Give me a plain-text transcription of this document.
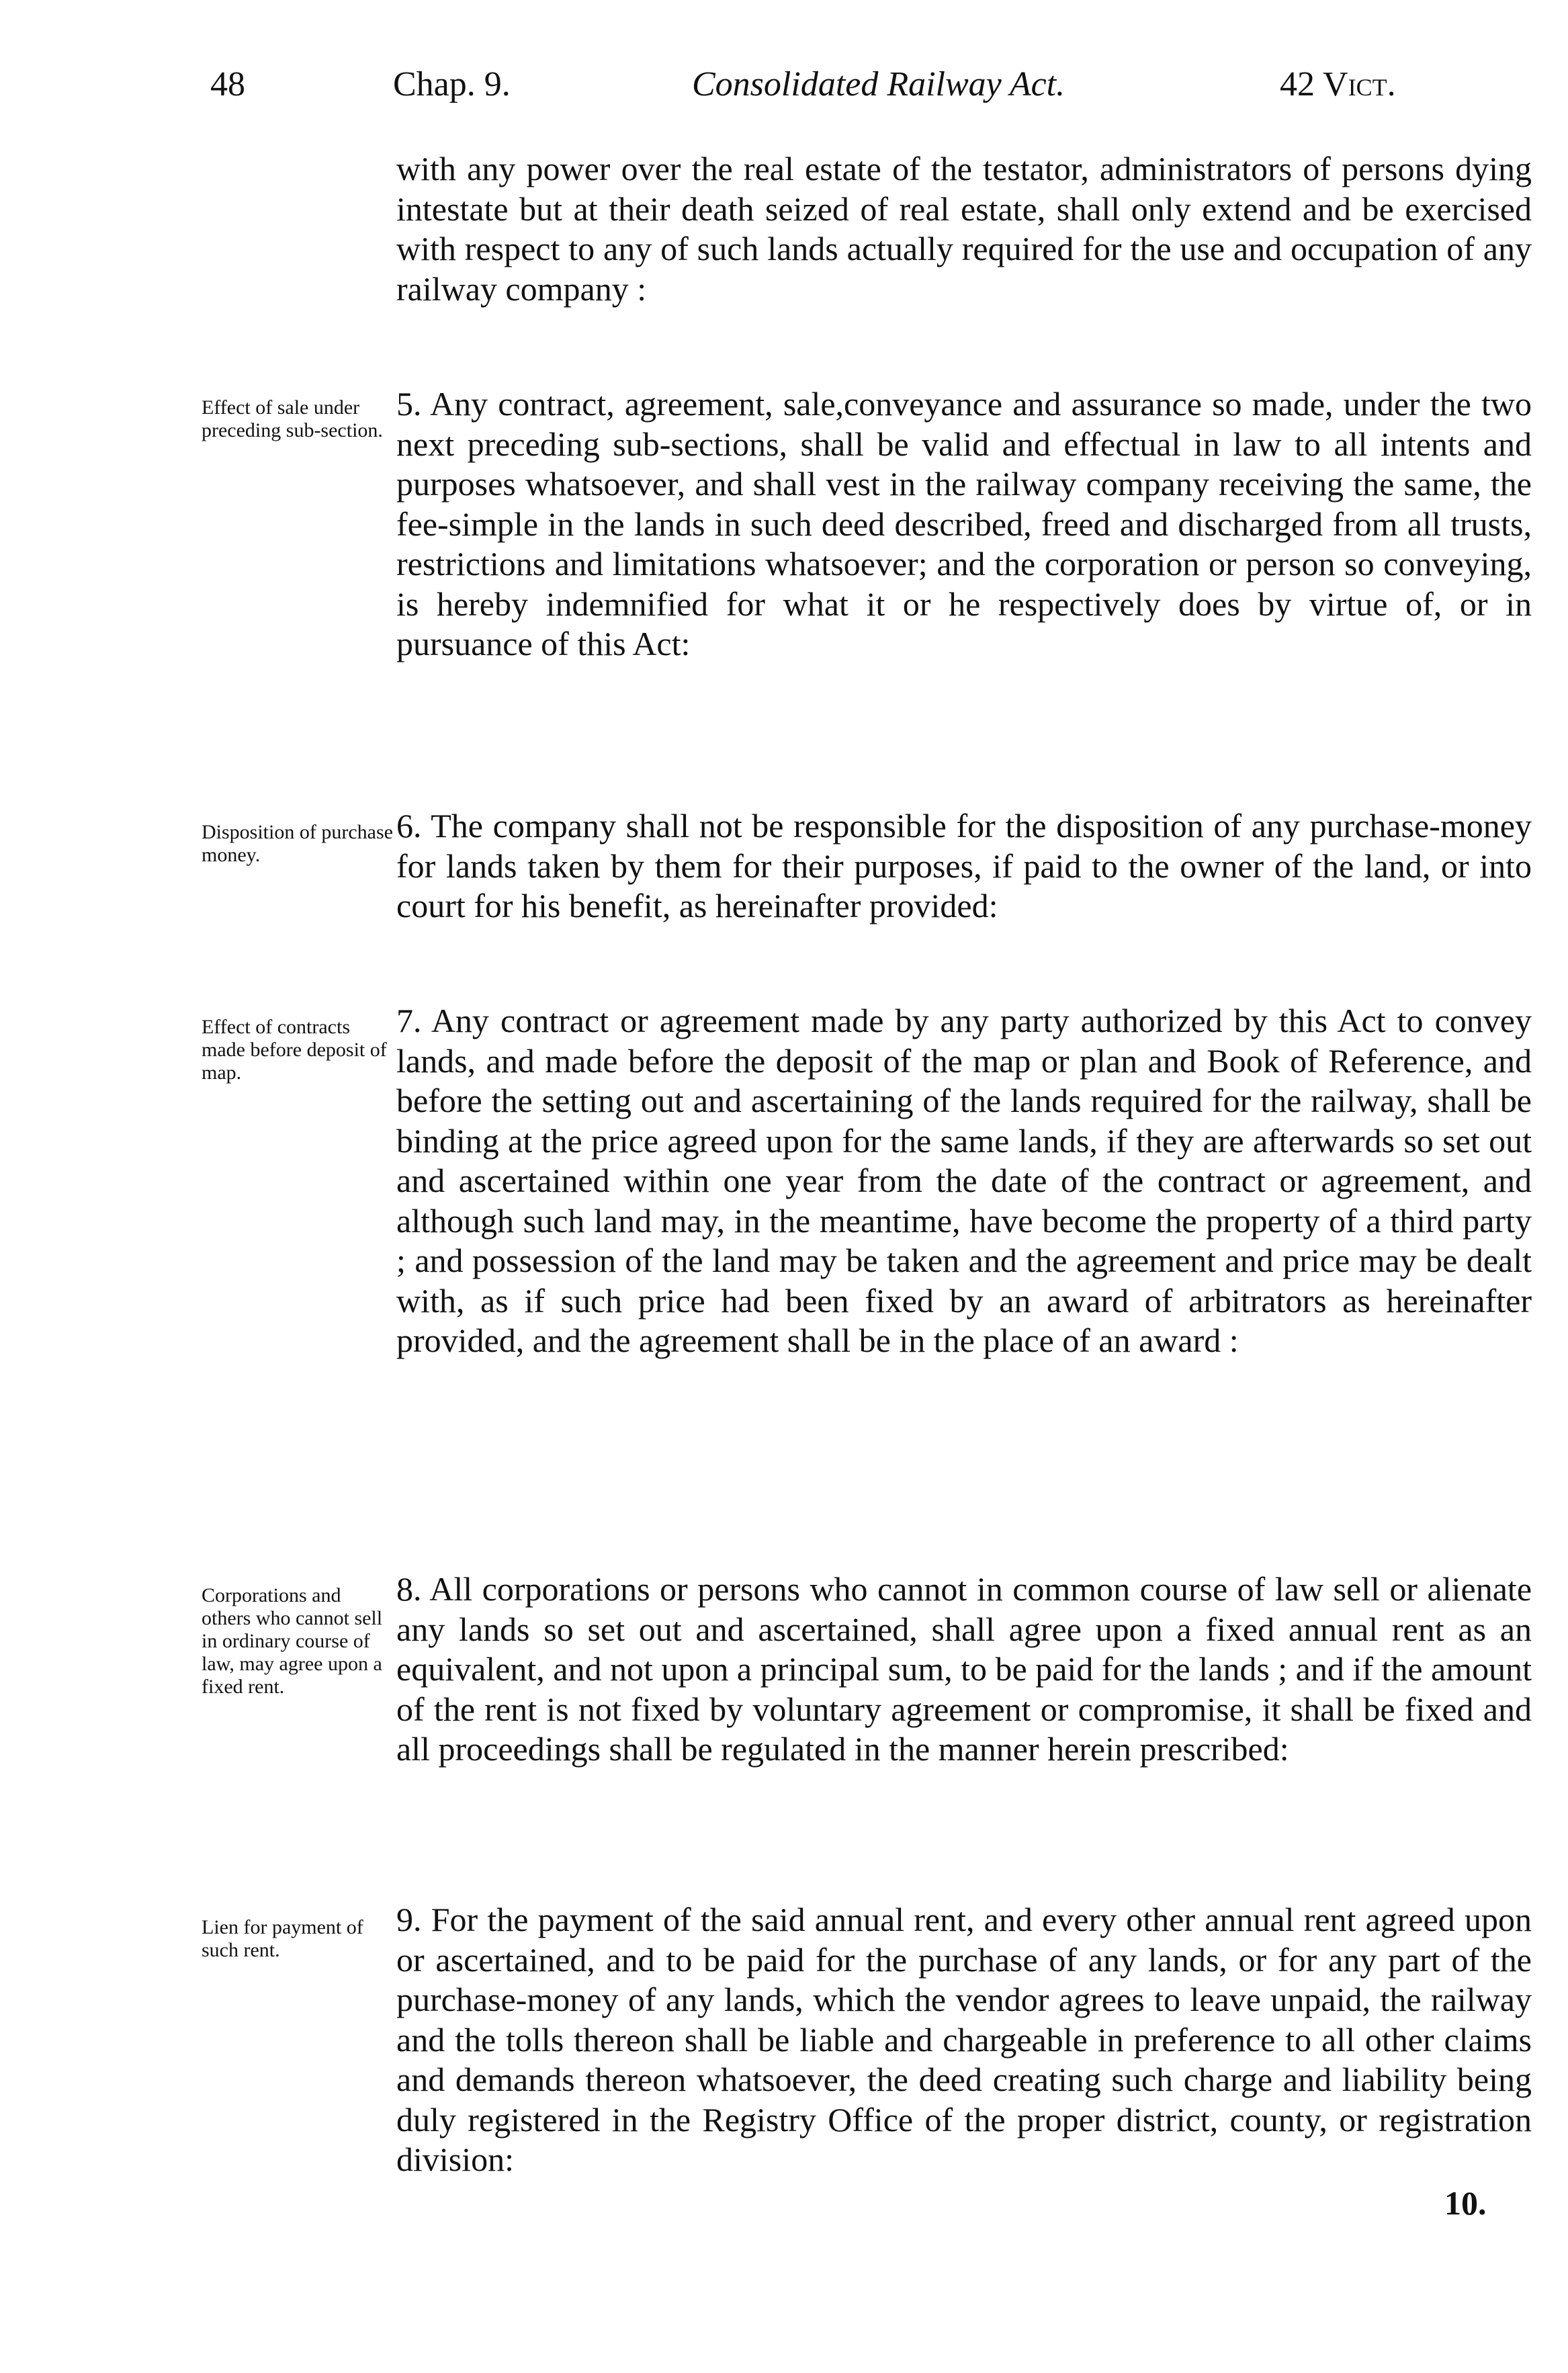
48	Chap. 9.	Consolidated Railway Act.	42 Vict.

with any power over the real estate of the testator, administrators of persons dying intestate but at their death seized of real estate, shall only extend and be exercised with respect to any of such lands actually required for the use and occupation of any railway company :

Effect of sale under preceding sub-section.

5. Any contract, agreement, sale,conveyance and assurance so made, under the two next preceding sub-sections, shall be valid and effectual in law to all intents and purposes whatsoever, and shall vest in the railway company receiving the same, the fee-simple in the lands in such deed described, freed and discharged from all trusts, restrictions and limitations whatsoever; and the corporation or person so conveying, is hereby indemnified for what it or he respectively does by virtue of, or in pursuance of this Act:

Disposition of purchase money.

6. The company shall not be responsible for the disposition of any purchase-money for lands taken by them for their purposes, if paid to the owner of the land, or into court for his benefit, as hereinafter provided:

Effect of contracts made before deposit of map.

7. Any contract or agreement made by any party authorized by this Act to convey lands, and made before the deposit of the map or plan and Book of Reference, and before the setting out and ascertaining of the lands required for the railway, shall be binding at the price agreed upon for the same lands, if they are afterwards so set out and ascertained within one year from the date of the contract or agreement, and although such land may, in the meantime, have become the property of a third party ; and possession of the land may be taken and the agreement and price may be dealt with, as if such price had been fixed by an award of arbitrators as hereinafter provided, and the agreement shall be in the place of an award :

Corporations and others who cannot sell in ordinary course of law, may agree upon a fixed rent.

8. All corporations or persons who cannot in common course of law sell or alienate any lands so set out and ascertained, shall agree upon a fixed annual rent as an equivalent, and not upon a principal sum, to be paid for the lands ; and if the amount of the rent is not fixed by voluntary agreement or compromise, it shall be fixed and all proceedings shall be regulated in the manner herein prescribed:

Lien for payment of such rent.

9. For the payment of the said annual rent, and every other annual rent agreed upon or ascertained, and to be paid for the purchase of any lands, or for any part of the purchase-money of any lands, which the vendor agrees to leave unpaid, the railway and the tolls thereon shall be liable and chargeable in preference to all other claims and demands thereon whatsoever, the deed creating such charge and liability being duly registered in the Registry Office of the proper district, county, or registration division:

10.
